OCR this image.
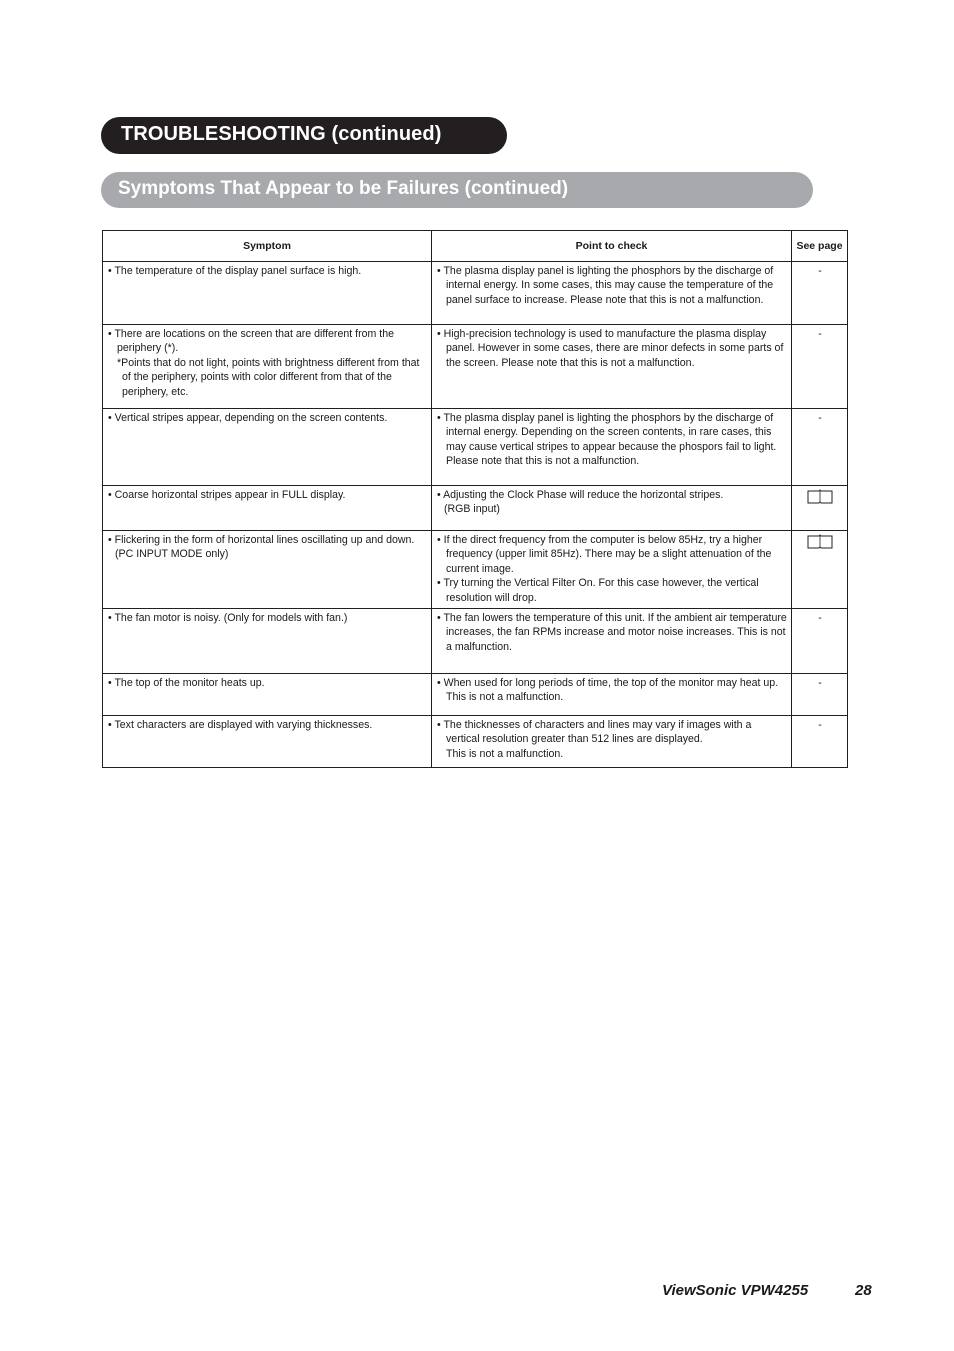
TROUBLESHOOTING (continued)
Symptoms That Appear to be Failures (continued)
Symptom	Point to check	See page

• The temperature of the display panel surface is high.	• The plasma display panel is lighting the phosphors by the discharge of internal energy. In some cases, this may cause the temperature of the panel surface to increase. Please note that this is not a malfunction.	-

• There are locations on the screen that are different from the periphery (*).
*Points that do not light, points with brightness different from that of the periphery, points with color different from that of the periphery, etc.	• High-precision technology is used to manufacture the plasma display panel. However in some cases, there are minor defects in some parts of the screen. Please note that this is not a malfunction.	-

• Vertical stripes appear, depending on the screen contents.	• The plasma display panel is lighting the phosphors by the discharge of internal energy. Depending on the screen contents, in rare cases, this may cause vertical stripes to appear because the phospors fail to light. Please note that this is not a malfunction.	-

• Coarse horizontal stripes appear in FULL display.	• Adjusting the Clock Phase will reduce the horizontal stripes.
(RGB input)

• Flickering in the form of horizontal lines oscillating up and down.
(PC INPUT MODE only)	• If the direct frequency from the computer is below 85Hz, try a higher frequency (upper limit 85Hz). There may be a slight attenuation of the current image.
• Try turning the Vertical Filter On. For this case however, the vertical resolution will drop.

• The fan motor is noisy. (Only for models with fan.)	• The fan lowers the temperature of this unit. If the ambient air temperature increases, the fan RPMs increase and motor noise increases. This is not a malfunction.	-

• The top of the monitor heats up.	• When used for long periods of time, the top of the monitor may heat up. This is not a malfunction.	-

• Text characters are displayed with varying thicknesses.	• The thicknesses of characters and lines may vary if images with a vertical resolution greater than 512 lines are displayed.
This is not a malfunction.	-
ViewSonic VPW4255	28
